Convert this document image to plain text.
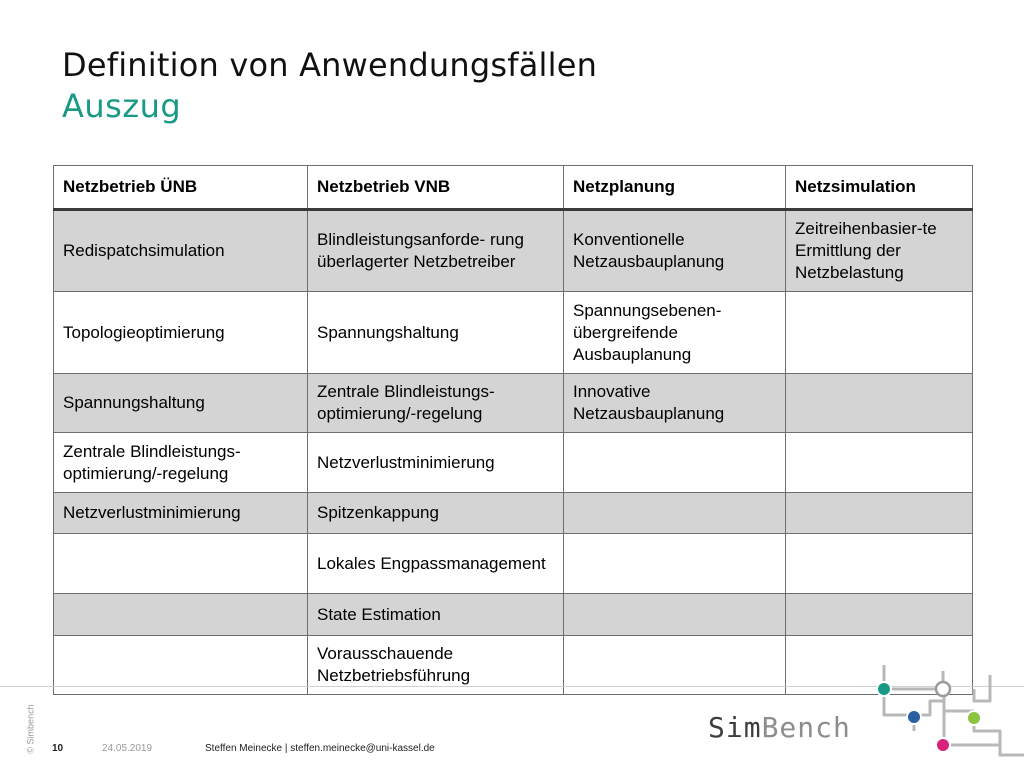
Definition von Anwendungsfällen
Auszug
Netzbetrieb ÜNB	Netzbetrieb VNB	Netzplanung	Netzsimulation
Redispatchsimulation	Blindleistungsanforde- rung überlagerter Netzbetreiber	Konventionelle Netzausbauplanung	Zeitreihenbasier-te Ermittlung der Netzbelastung
Topologieoptimierung	Spannungshaltung	Spannungsebenen- übergreifende Ausbauplanung	
Spannungshaltung	Zentrale Blindleistungs- optimierung/-regelung	Innovative Netzausbauplanung	
Zentrale Blindleistungs- optimierung/-regelung	Netzverlustminimierung		
Netzverlustminimierung	Spitzenkappung		
	Lokales Engpassmanagement		
	State Estimation		
	Vorausschauende Netzbetriebsführung		
© Simbench 10	24.05.2019	Steffen Meinecke | steffen.meinecke@uni-kassel.de
SimBench
